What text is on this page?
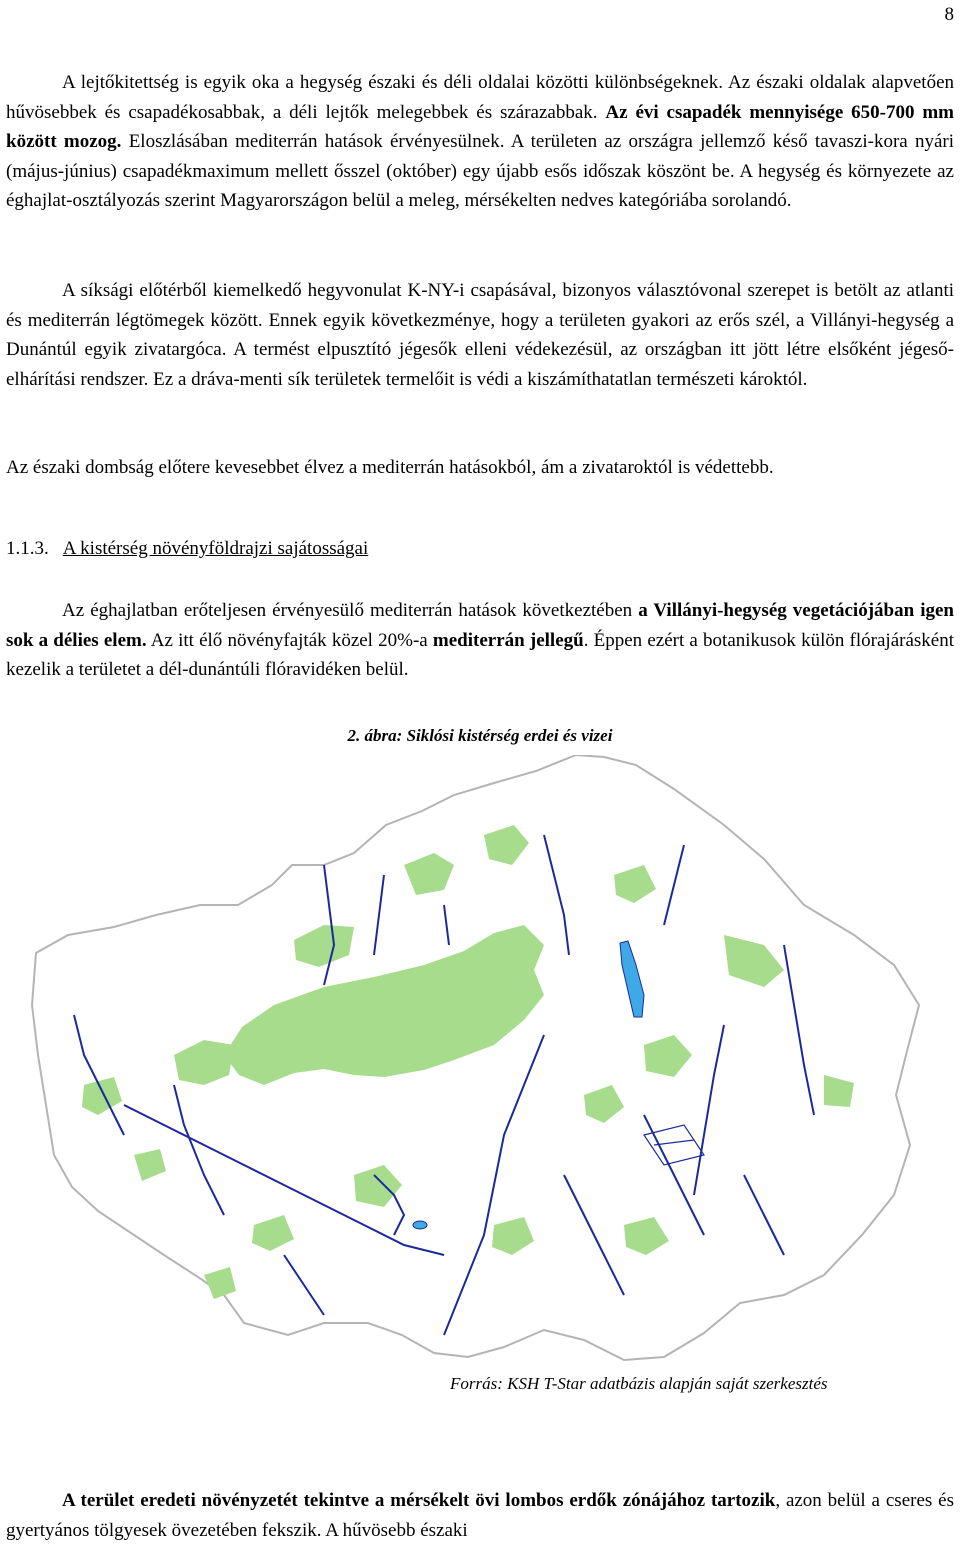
8

A lejtőkitettség is egyik oka a hegység északi és déli oldalai közötti különbségeknek. Az északi oldalak alapvetően hűvösebbek és csapadékosabbak, a déli lejtők melegebbek és szárazabbak. Az évi csapadék mennyisége 650-700 mm között mozog. Eloszlásában mediterrán hatások érvényesülnek. A területen az országra jellemző késő tavaszi-kora nyári (május-június) csapadékmaximum mellett ősszel (október) egy újabb esős időszak köszönt be. A hegység és környezete az éghajlat-osztályozás szerint Magyarországon belül a meleg, mérsékelten nedves kategóriába sorolandó.

A síksági előtérből kiemelkedő hegyvonulat K-NY-i csapásával, bizonyos választóvonal szerepet is betölt az atlanti és mediterrán légtömegek között. Ennek egyik következménye, hogy a területen gyakori az erős szél, a Villányi-hegység a Dunántúl egyik zivatargóca. A termést elpusztító jégesők elleni védekezésül, az országban itt jött létre elsőként jégeső-elhárítási rendszer. Ez a dráva-menti sík területek termelőit is védi a kiszámíthatatlan természeti károktól.

Az északi dombság előtere kevesebbet élvez a mediterrán hatásokból, ám a zivataroktól is védettebb.

1.1.3. A kistérség növényföldrajzi sajátosságai

Az éghajlatban erőteljesen érvényesülő mediterrán hatások következtében a Villányi-hegység vegetációjában igen sok a délies elem. Az itt élő növényfajták közel 20%-a mediterrán jellegű. Éppen ezért a botanikusok külön flórajárásként kezelik a területet a dél-dunántúli flóravidéken belül.

2. ábra: Siklósi kistérség erdei és vizei
Forrás: KSH T-Star adatbázis alapján saját szerkesztés

A terület eredeti növényzetét tekintve a mérsékelt övi lombos erdők zónájához tartozik, azon belül a cseres és gyertyános tölgyesek övezetében fekszik. A hűvösebb északi
